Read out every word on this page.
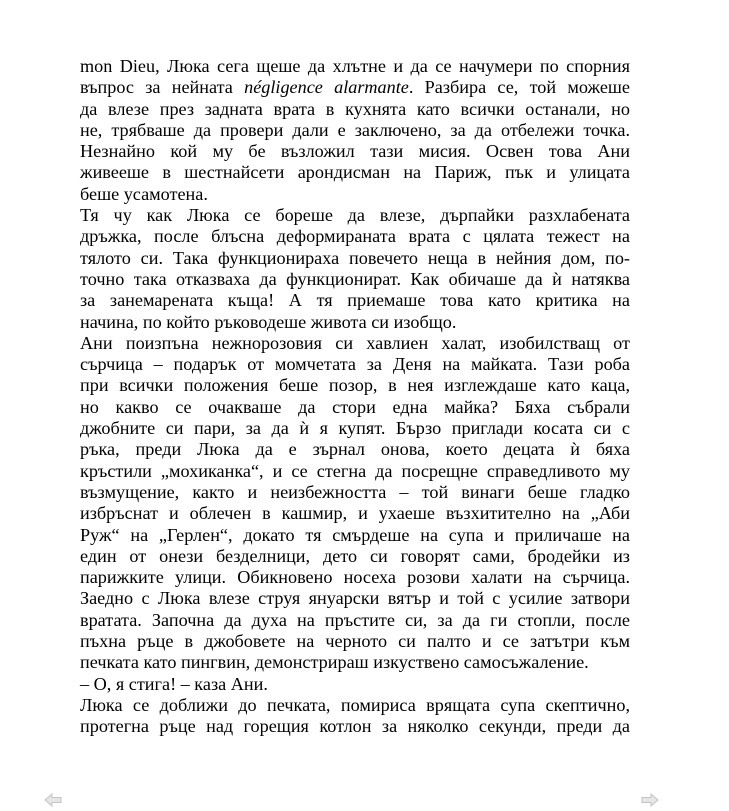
mon Dieu, Люка сега щеше да хлътне и да се начумери по спорния
въпрос за нейната négligence alarmante. Разбира се, той можеше
да влезе през задната врата в кухнята като всички останали, но
не, трябваше да провери дали е заключено, за да отбележи точка.
Незнайно кой му бе възложил тази мисия. Освен това Ани
живееше в шестнайсети арондисман на Париж, пък и улицата
беше усамотена.
Тя чу как Люка се бореше да влезе, дърпайки разхлабената
дръжка, после блъсна деформираната врата с цялата тежест на
тялото си. Така функционираха повечето неща в нейния дом, по-
точно така отказваха да функционират. Как обичаше да ѝ натяква
за занемарената къща! А тя приемаше това като критика на
начина, по който ръководеше живота си изобщо.
Ани поизпъна нежнорозовия си хавлиен халат, изобилстващ от
сърчица – подарък от момчетата за Деня на майката. Тази роба
при всички положения беше позор, в нея изглеждаше като каца,
но какво се очакваше да стори една майка? Бяха събрали
джобните си пари, за да ѝ я купят. Бързо приглади косата си с
ръка, преди Люка да е зърнал онова, което децата ѝ бяха
кръстили „мохиканка“, и се стегна да посрещне справедливото му
възмущение, както и неизбежността – той винаги беше гладко
избръснат и облечен в кашмир, и ухаеше възхитително на „Аби
Руж“ на „Герлен“, докато тя смърдеше на супа и приличаше на
един от онези безделници, дето си говорят сами, бродейки из
парижките улици. Обикновено носеха розови халати на сърчица.
Заедно с Люка влезе струя януарски вятър и той с усилие затвори
вратата. Започна да духа на пръстите си, за да ги стопли, после
пъхна ръце в джобовете на черното си палто и се затътри към
печката като пингвин, демонстрираш изкуствено самосъжаление.
– О, я стига! – каза Ани.
Люка се доближи до печката, помириса врящата супа скептично,
протегна ръце над горещия котлон за няколко секунди, преди да
